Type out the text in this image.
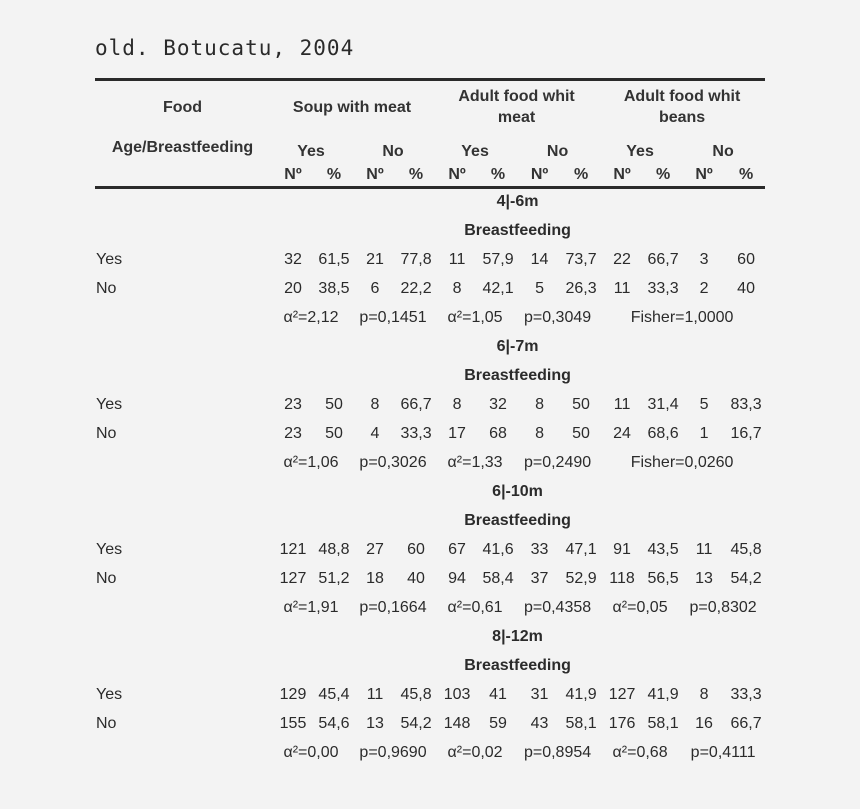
old. Botucatu, 2004
Food	Soup with meat				Adult food whit meat				Adult food whit beans			
Age/Breastfeeding	Yes		No		Yes		No		Yes		No	
	Nº	%	Nº	%	Nº	%	Nº	%	Nº	%	Nº	%
	4|-6m											
	Breastfeeding											
Yes	32	61,5	21	77,8	11	57,9	14	73,7	22	66,7	3	60
No	20	38,5	6	22,2	8	42,1	5	26,3	11	33,3	2	40
	α²=2,12		p=0,1451		α²=1,05		p=0,3049		Fisher=1,0000			
	6|-7m											
	Breastfeeding											
Yes	23	50	8	66,7	8	32	8	50	11	31,4	5	83,3
No	23	50	4	33,3	17	68	8	50	24	68,6	1	16,7
	α²=1,06		p=0,3026		α²=1,33		p=0,2490		Fisher=0,0260			
	6|-10m											
	Breastfeeding											
Yes	121	48,8	27	60	67	41,6	33	47,1	91	43,5	11	45,8
No	127	51,2	18	40	94	58,4	37	52,9	118	56,5	13	54,2
	α²=1,91		p=0,1664		α²=0,61		p=0,4358		α²=0,05		p=0,8302	
	8|-12m											
	Breastfeeding											
Yes	129	45,4	11	45,8	103	41	31	41,9	127	41,9	8	33,3
No	155	54,6	13	54,2	148	59	43	58,1	176	58,1	16	66,7
	α²=0,00		p=0,9690		α²=0,02		p=0,8954		α²=0,68		p=0,4111	
